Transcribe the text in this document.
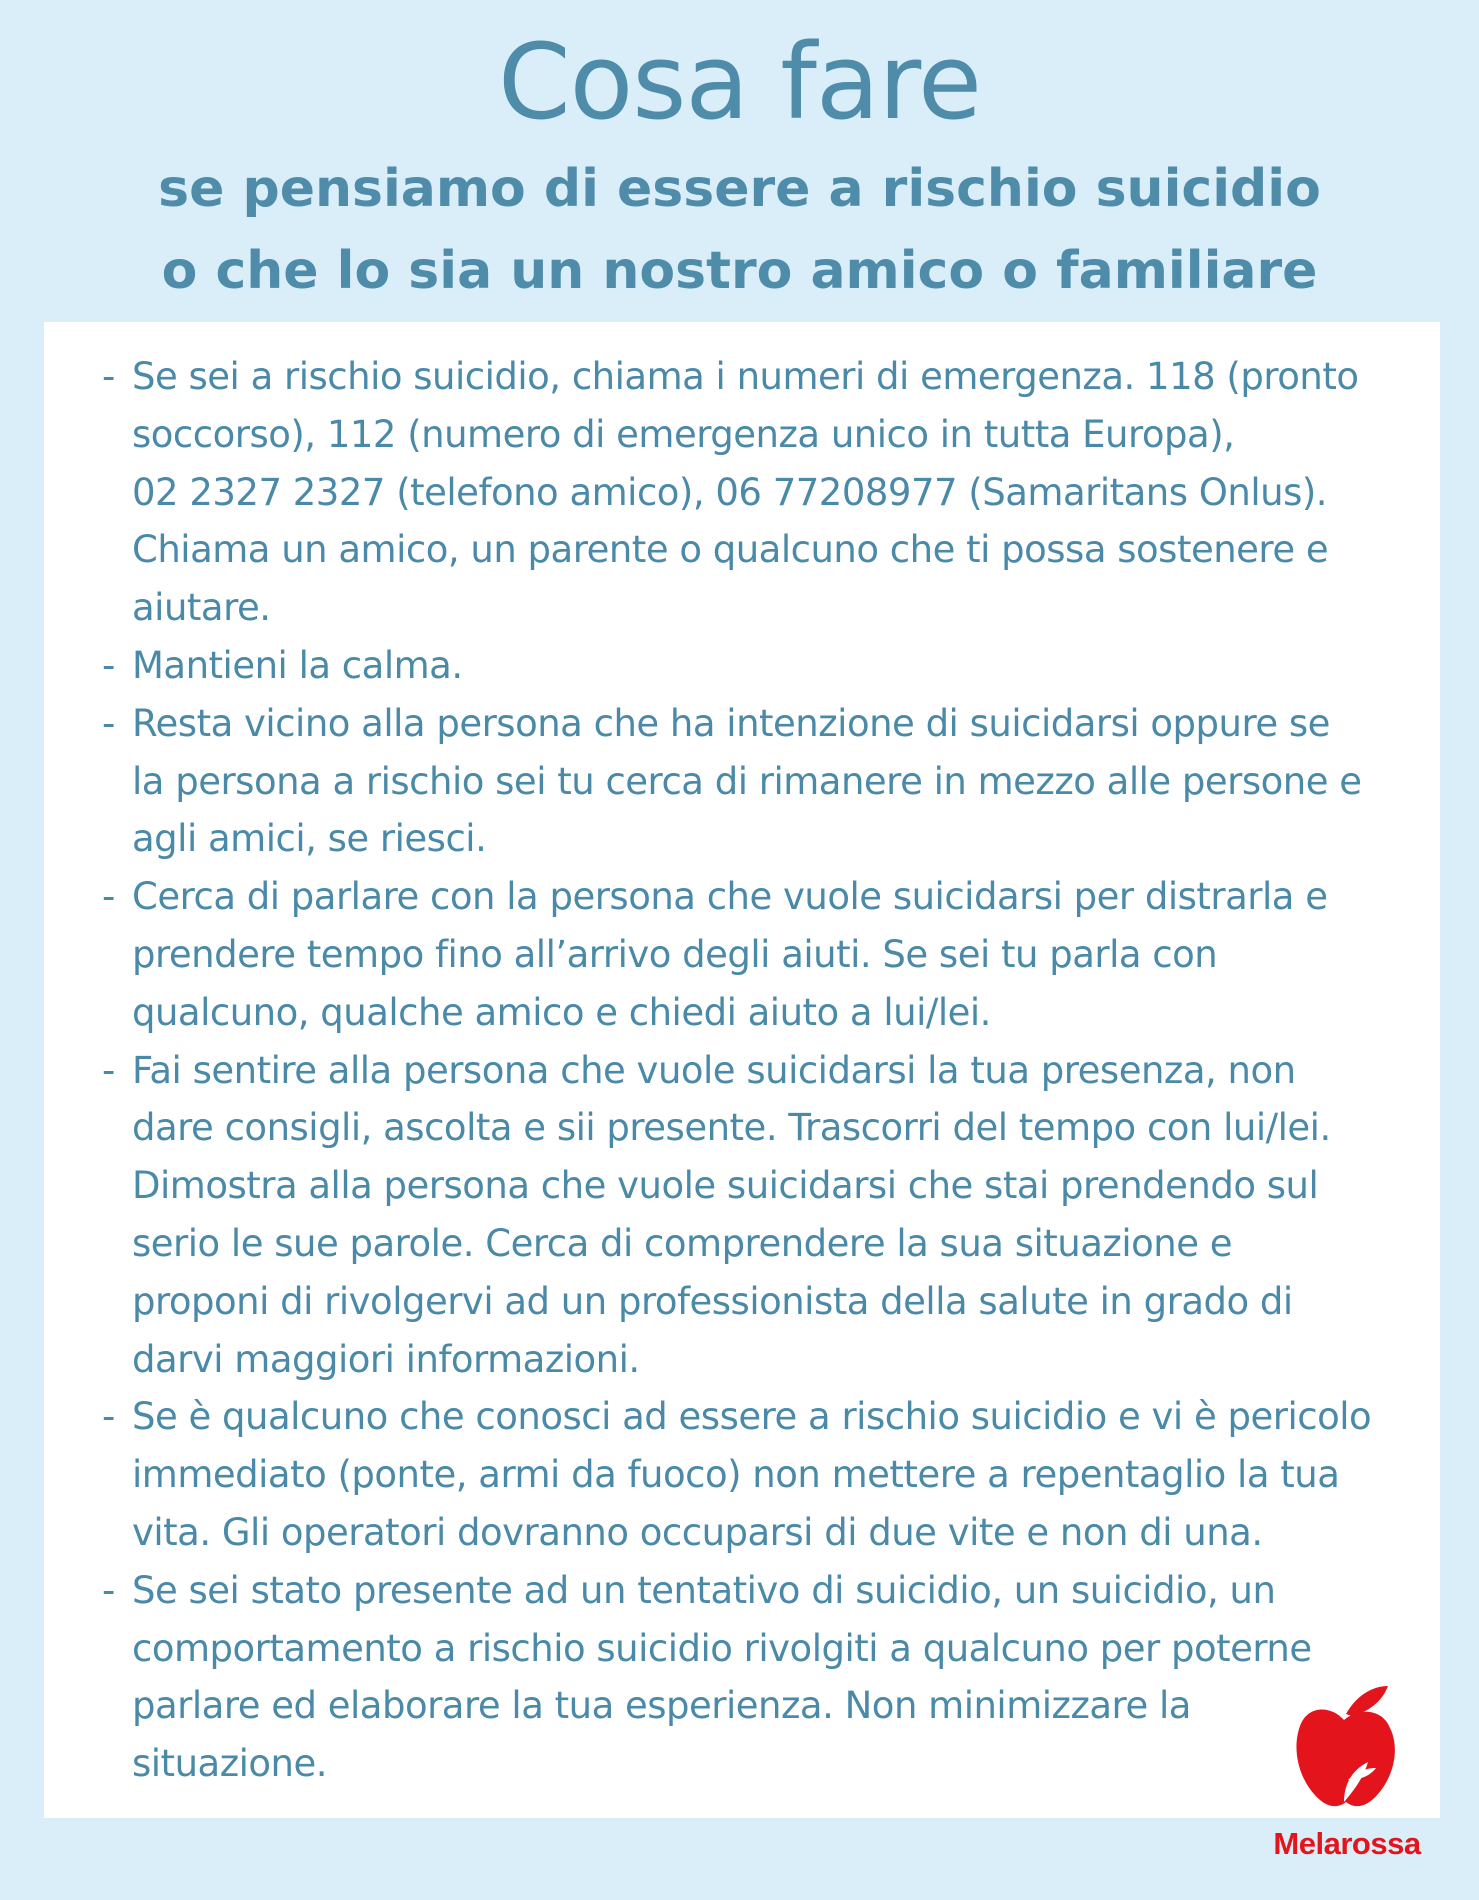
Cosa fare
se pensiamo di essere a rischio suicidio
o che lo sia un nostro amico o familiare
- Se sei a rischio suicidio, chiama i numeri di emergenza. 118 (pronto
soccorso), 112 (numero di emergenza unico in tutta Europa),
02 2327 2327 (telefono amico), 06 77208977 (Samaritans Onlus).
Chiama un amico, un parente o qualcuno che ti possa sostenere e
aiutare.
- Mantieni la calma.
- Resta vicino alla persona che ha intenzione di suicidarsi oppure se
la persona a rischio sei tu cerca di rimanere in mezzo alle persone e
agli amici, se riesci.
- Cerca di parlare con la persona che vuole suicidarsi per distrarla e
prendere tempo fino all’arrivo degli aiuti. Se sei tu parla con
qualcuno, qualche amico e chiedi aiuto a lui/lei.
- Fai sentire alla persona che vuole suicidarsi la tua presenza, non
dare consigli, ascolta e sii presente. Trascorri del tempo con lui/lei.
Dimostra alla persona che vuole suicidarsi che stai prendendo sul
serio le sue parole. Cerca di comprendere la sua situazione e
proponi di rivolgervi ad un professionista della salute in grado di
darvi maggiori informazioni.
- Se è qualcuno che conosci ad essere a rischio suicidio e vi è pericolo
immediato (ponte, armi da fuoco) non mettere a repentaglio la tua
vita. Gli operatori dovranno occuparsi di due vite e non di una.
- Se sei stato presente ad un tentativo di suicidio, un suicidio, un
comportamento a rischio suicidio rivolgiti a qualcuno per poterne
parlare ed elaborare la tua esperienza. Non minimizzare la
situazione.
Melarossa
